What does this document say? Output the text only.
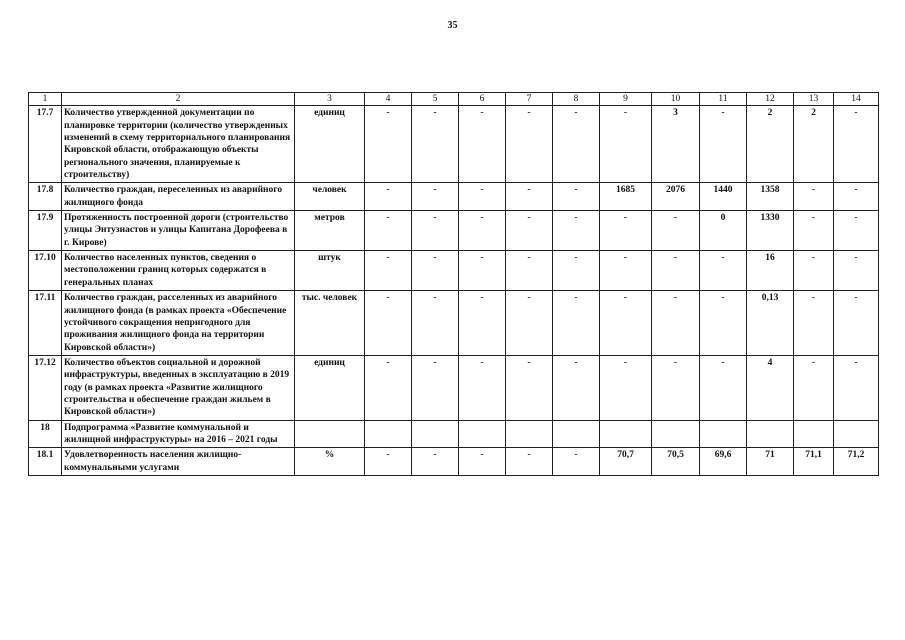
35
1	2	3	4	5	6	7	8	9	10	11	12	13	14
17.7	Количество утвержденной документации по планировке территории (количество утвержденных изменений в схему территориального планирования Кировской области, отображающую объекты регионального значения, планируемые к строительству)	единиц	-	-	-	-	-	-	3	-	2	2	-
17.8	Количество граждан, переселенных из аварийного жилищного фонда	человек	-	-	-	-	-	1685	2076	1440	1358	-	-
17.9	Протяженность построенной дороги (строительство улицы Энтузиастов и улицы Капитана Дорофеева в г. Кирове)	метров	-	-	-	-	-	-	-	0	1330	-	-
17.10	Количество населенных пунктов, сведения о местоположении границ которых содержатся в генеральных планах	штук	-	-	-	-	-	-	-	-	16	-	-
17.11	Количество граждан, расселенных из аварийного жилищного фонда (в рамках проекта «Обеспечение устойчивого сокращения непригодного для проживания жилищного фонда на территории Кировской области»)	тыс. человек	-	-	-	-	-	-	-	-	0,13	-	-
17.12	Количество объектов социальной и дорожной инфраструктуры, введенных в эксплуатацию в 2019 году (в рамках проекта «Развитие жилищного строительства и обеспечение граждан жильем в Кировской области»)	единиц	-	-	-	-	-	-	-	-	4	-	-
18	Подпрограмма «Развитие коммунальной и жилищной инфраструктуры» на 2016 – 2021 годы												
18.1	Удовлетворенность населения жилищно-коммунальными услугами	%	-	-	-	-	-	70,7	70,5	69,6	71	71,1	71,2
